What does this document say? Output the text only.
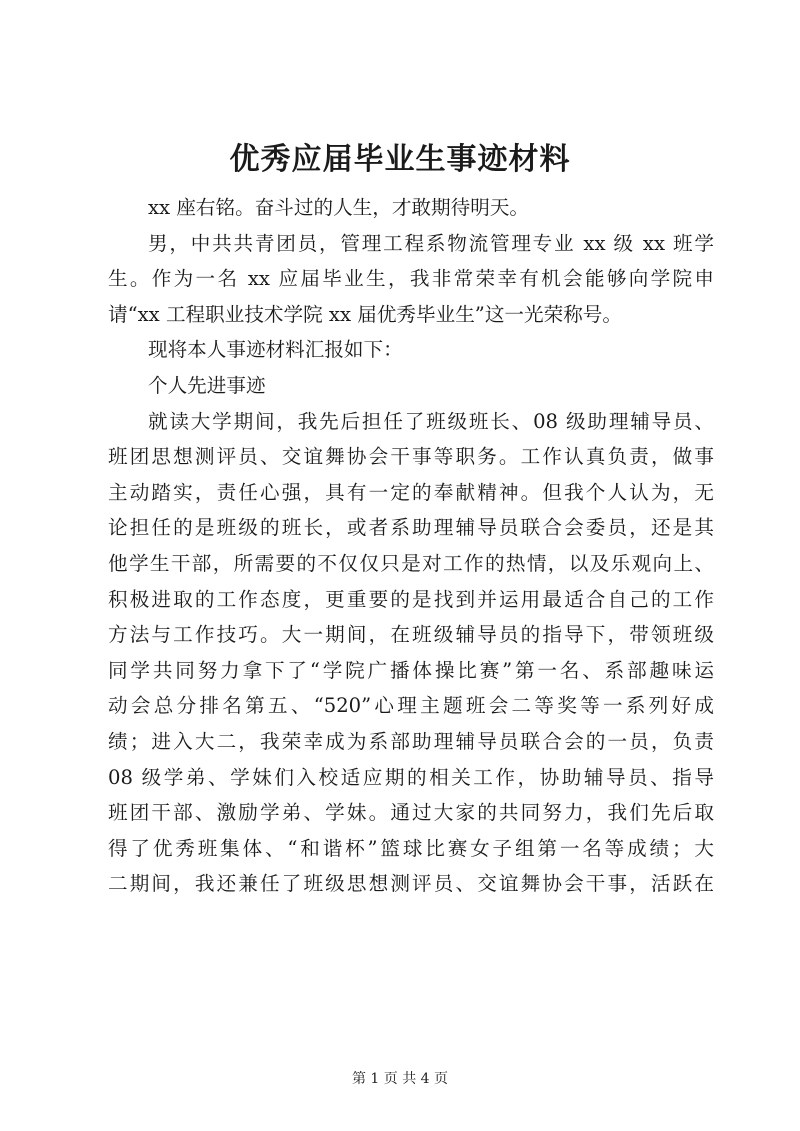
优秀应届毕业生事迹材料
xx 座右铭。奋斗过的人生，才敢期待明天。
男，中共共青团员，管理工程系物流管理专业 xx 级 xx 班学
生。作为一名 xx 应届毕业生，我非常荣幸有机会能够向学院申
请“xx 工程职业技术学院 xx 届优秀毕业生”这一光荣称号。
现将本人事迹材料汇报如下：
个人先进事迹
就读大学期间，我先后担任了班级班长、08 级助理辅导员、
班团思想测评员、交谊舞协会干事等职务。工作认真负责，做事
主动踏实，责任心强，具有一定的奉献精神。但我个人认为，无
论担任的是班级的班长，或者系助理辅导员联合会委员，还是其
他学生干部，所需要的不仅仅只是对工作的热情，以及乐观向上、
积极进取的工作态度，更重要的是找到并运用最适合自己的工作
方法与工作技巧。大一期间，在班级辅导员的指导下，带领班级
同学共同努力拿下了“学院广播体操比赛”第一名、系部趣味运
动会总分排名第五、“520”心理主题班会二等奖等一系列好成
绩；进入大二，我荣幸成为系部助理辅导员联合会的一员，负责
08 级学弟、学妹们入校适应期的相关工作，协助辅导员、指导
班团干部、激励学弟、学妹。通过大家的共同努力，我们先后取
得了优秀班集体、“和谐杯”篮球比赛女子组第一名等成绩；大
二期间，我还兼任了班级思想测评员、交谊舞协会干事，活跃在
第 1 页 共 4 页
